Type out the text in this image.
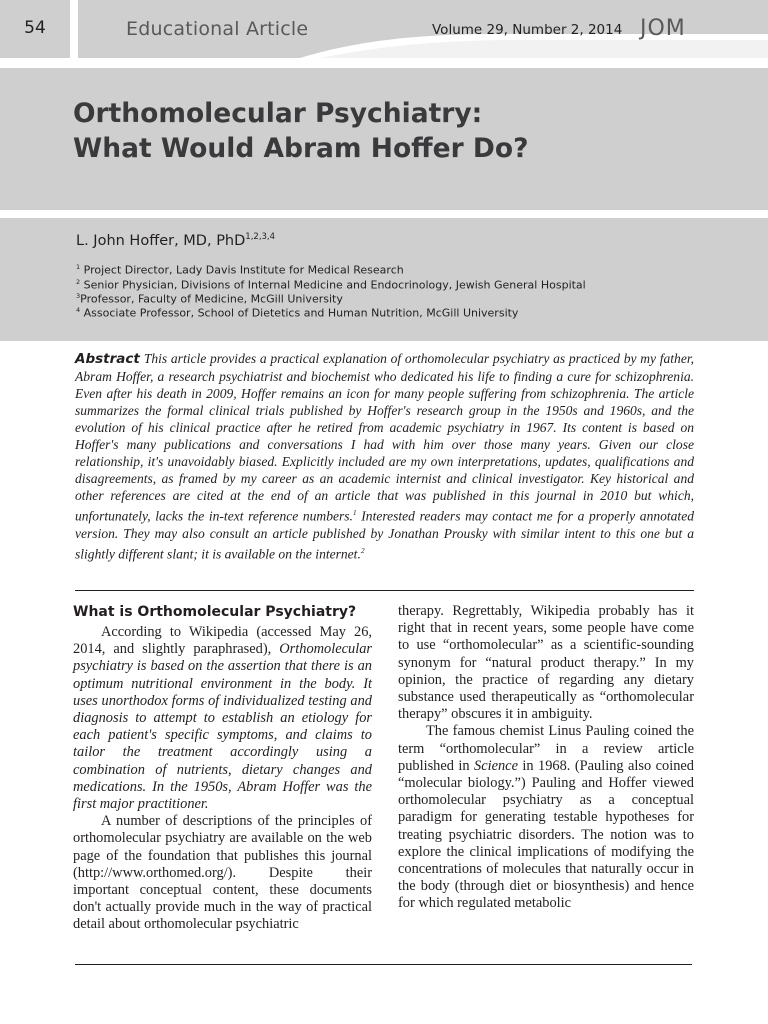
54	Educational Article	Volume 29, Number 2, 2014 JOM
Orthomolecular Psychiatry:
What Would Abram Hoffer Do?
L. John Hoffer, MD, PhD$^{1,2,3,4}$
$^1$ Project Director, Lady Davis Institute for Medical Research
$^2$ Senior Physician, Divisions of Internal Medicine and Endocrinology, Jewish General Hospital
$^3$Professor, Faculty of Medicine, McGill University
$^4$ Associate Professor, School of Dietetics and Human Nutrition, McGill University
Abstract This article provides a practical explanation of orthomolecular psychiatry as practiced by my father, Abram Hoffer, a research psychiatrist and biochemist who dedicated his life to finding a cure for schizophrenia. Even after his death in 2009, Hoffer remains an icon for many people suffering from schizophrenia. The article summarizes the formal clinical trials published by Hoffer's research group in the 1950s and 1960s, and the evolution of his clinical practice after he retired from academic psychiatry in 1967. Its content is based on Hoffer's many publications and conversations I had with him over those many years. Given our close relationship, it's unavoidably biased. Explicitly included are my own interpretations, updates, qualifications and disagreements, as framed by my career as an academic internist and clinical investigator. Key historical and other references are cited at the end of an article that was published in this journal in 2010 but which, unfortunately, lacks the in-text reference numbers.$^1$ Interested readers may contact me for a properly annotated version. They may also consult an article published by Jonathan Prousky with similar intent to this one but a slightly different slant; it is available on the internet.$^2$
What is Orthomolecular Psychiatry?

According to Wikipedia (accessed May 26, 2014, and slightly paraphrased), Orthomolecular psychiatry is based on the assertion that there is an optimum nutritional environment in the body. It uses unorthodox forms of individualized testing and diagnosis to attempt to establish an etiology for each patient's specific symptoms, and claims to tailor the treatment accordingly using a combination of nutrients, dietary changes and medications. In the 1950s, Abram Hoffer was the first major practitioner.

A number of descriptions of the principles of orthomolecular psychiatry are available on the web page of the foundation that publishes this journal (http://www.orthomed.org/). Despite their important conceptual content, these documents don't actually provide much in the way of practical detail about orthomolecular psychiatric

therapy. Regrettably, Wikipedia probably has it right that in recent years, some people have come to use “orthomolecular” as a scientific-sounding synonym for “natural product therapy.” In my opinion, the practice of regarding any dietary substance used therapeutically as “orthomolecular therapy” obscures it in ambiguity.

The famous chemist Linus Pauling coined the term “orthomolecular” in a review article published in Science in 1968. (Pauling also coined “molecular biology.”) Pauling and Hoffer viewed orthomolecular psychiatry as a conceptual paradigm for generating testable hypotheses for treating psychiatric disorders. The notion was to explore the clinical implications of modifying the concentrations of molecules that naturally occur in the body (through diet or biosynthesis) and hence for which regulated metabolic
